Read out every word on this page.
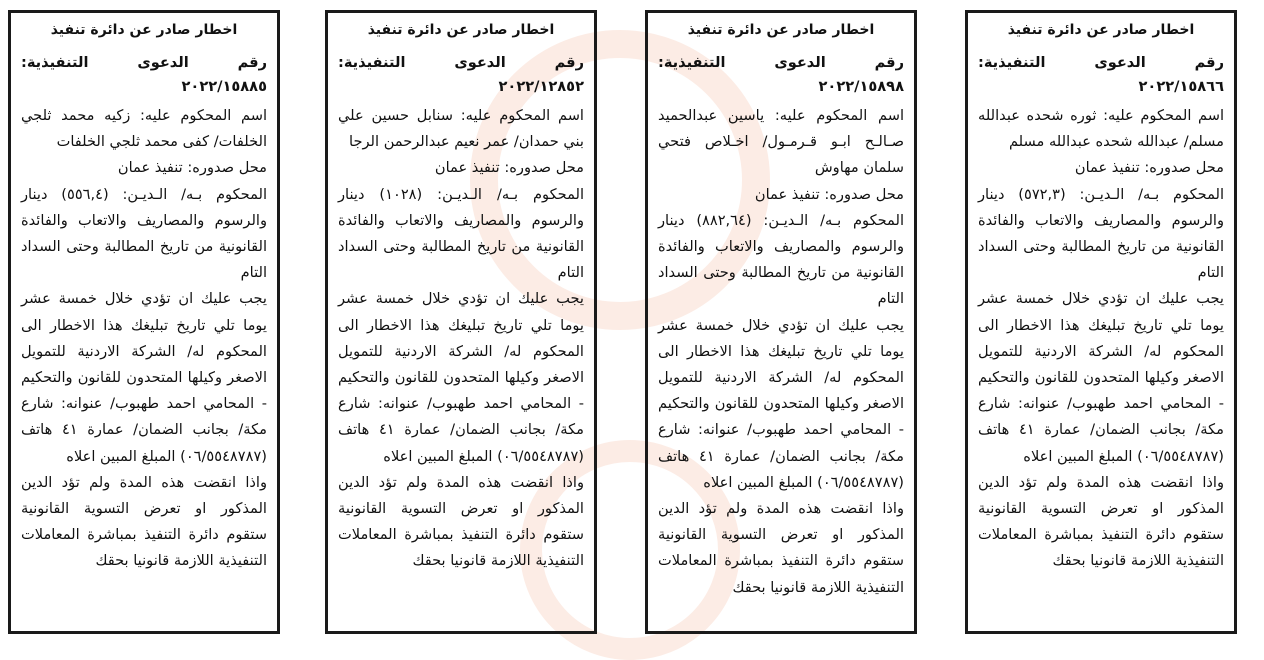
اخطار صادر عن دائرة تنفيذ
رقم الدعوى التنفيذية: ٢٠٢٢/١٥٨٦٦

اسم المحكوم عليه: ثوره شحده عبدالله مسلم/ عبدالله شحده عبدالله مسلم

محل صدوره: تنفيذ عمان

المحكوم بـه/ الـديـن: (٥٧٢,٣) دينار والرسوم والمصاريف والاتعاب والفائدة القانونية من تاريخ المطالبة وحتى السداد التام

يجب عليك ان تؤدي خلال خمسة عشر يوما تلي تاريخ تبليغك هذا الاخطار الى المحكوم له/ الشركة الاردنية للتمويل الاصغر وكيلها المتحدون للقانون والتحكيم - المحامي احمد طهبوب/ عنوانه: شارع مكة/ بجانب الضمان/ عمارة ٤١ هاتف (٠٦/٥٥٤٨٧٨٧) المبلغ المبين اعلاه

واذا انقضت هذه المدة ولم تؤد الدين المذكور او تعرض التسوية القانونية ستقوم دائرة التنفيذ بمباشرة المعاملات التنفيذية اللازمة قانونيا بحقك

اخطار صادر عن دائرة تنفيذ
رقم الدعوى التنفيذية: ٢٠٢٢/١٥٨٩٨

اسم المحكوم عليه: ياسين عبدالحميد صـالـح ابـو قـرمـول/ اخـلاص فتحي سلمان مهاوش

محل صدوره: تنفيذ عمان

المحكوم بـه/ الـديـن: (٨٨٢,٦٤) دينار والرسوم والمصاريف والاتعاب والفائدة القانونية من تاريخ المطالبة وحتى السداد التام

يجب عليك ان تؤدي خلال خمسة عشر يوما تلي تاريخ تبليغك هذا الاخطار الى المحكوم له/ الشركة الاردنية للتمويل الاصغر وكيلها المتحدون للقانون والتحكيم - المحامي احمد طهبوب/ عنوانه: شارع مكة/ بجانب الضمان/ عمارة ٤١ هاتف (٠٦/٥٥٤٨٧٨٧) المبلغ المبين اعلاه

واذا انقضت هذه المدة ولم تؤد الدين المذكور او تعرض التسوية القانونية ستقوم دائرة التنفيذ بمباشرة المعاملات التنفيذية اللازمة قانونيا بحقك

اخطار صادر عن دائرة تنفيذ
رقم الدعوى التنفيذية: ٢٠٢٢/١٢٨٥٢

اسم المحكوم عليه: سنابل حسين علي بني حمدان/ عمر نعيم عبدالرحمن الرجا

محل صدوره: تنفيذ عمان

المحكوم بـه/ الـديـن: (١٠٢٨) دينار والرسوم والمصاريف والاتعاب والفائدة القانونية من تاريخ المطالبة وحتى السداد التام

يجب عليك ان تؤدي خلال خمسة عشر يوما تلي تاريخ تبليغك هذا الاخطار الى المحكوم له/ الشركة الاردنية للتمويل الاصغر وكيلها المتحدون للقانون والتحكيم - المحامي احمد طهبوب/ عنوانه: شارع مكة/ بجانب الضمان/ عمارة ٤١ هاتف (٠٦/٥٥٤٨٧٨٧) المبلغ المبين اعلاه

واذا انقضت هذه المدة ولم تؤد الدين المذكور او تعرض التسوية القانونية ستقوم دائرة التنفيذ بمباشرة المعاملات التنفيذية اللازمة قانونيا بحقك

اخطار صادر عن دائرة تنفيذ
رقم الدعوى التنفيذية: ٢٠٢٢/١٥٨٨٥

اسم المحكوم عليه: زكيه محمد ثلجي الخلفات/ كفى محمد ثلجي الخلفات

محل صدوره: تنفيذ عمان

المحكوم بـه/ الـديـن: (٥٥٦,٤) دينار والرسوم والمصاريف والاتعاب والفائدة القانونية من تاريخ المطالبة وحتى السداد التام

يجب عليك ان تؤدي خلال خمسة عشر يوما تلي تاريخ تبليغك هذا الاخطار الى المحكوم له/ الشركة الاردنية للتمويل الاصغر وكيلها المتحدون للقانون والتحكيم - المحامي احمد طهبوب/ عنوانه: شارع مكة/ بجانب الضمان/ عمارة ٤١ هاتف (٠٦/٥٥٤٨٧٨٧) المبلغ المبين اعلاه

واذا انقضت هذه المدة ولم تؤد الدين المذكور او تعرض التسوية القانونية ستقوم دائرة التنفيذ بمباشرة المعاملات التنفيذية اللازمة قانونيا بحقك
